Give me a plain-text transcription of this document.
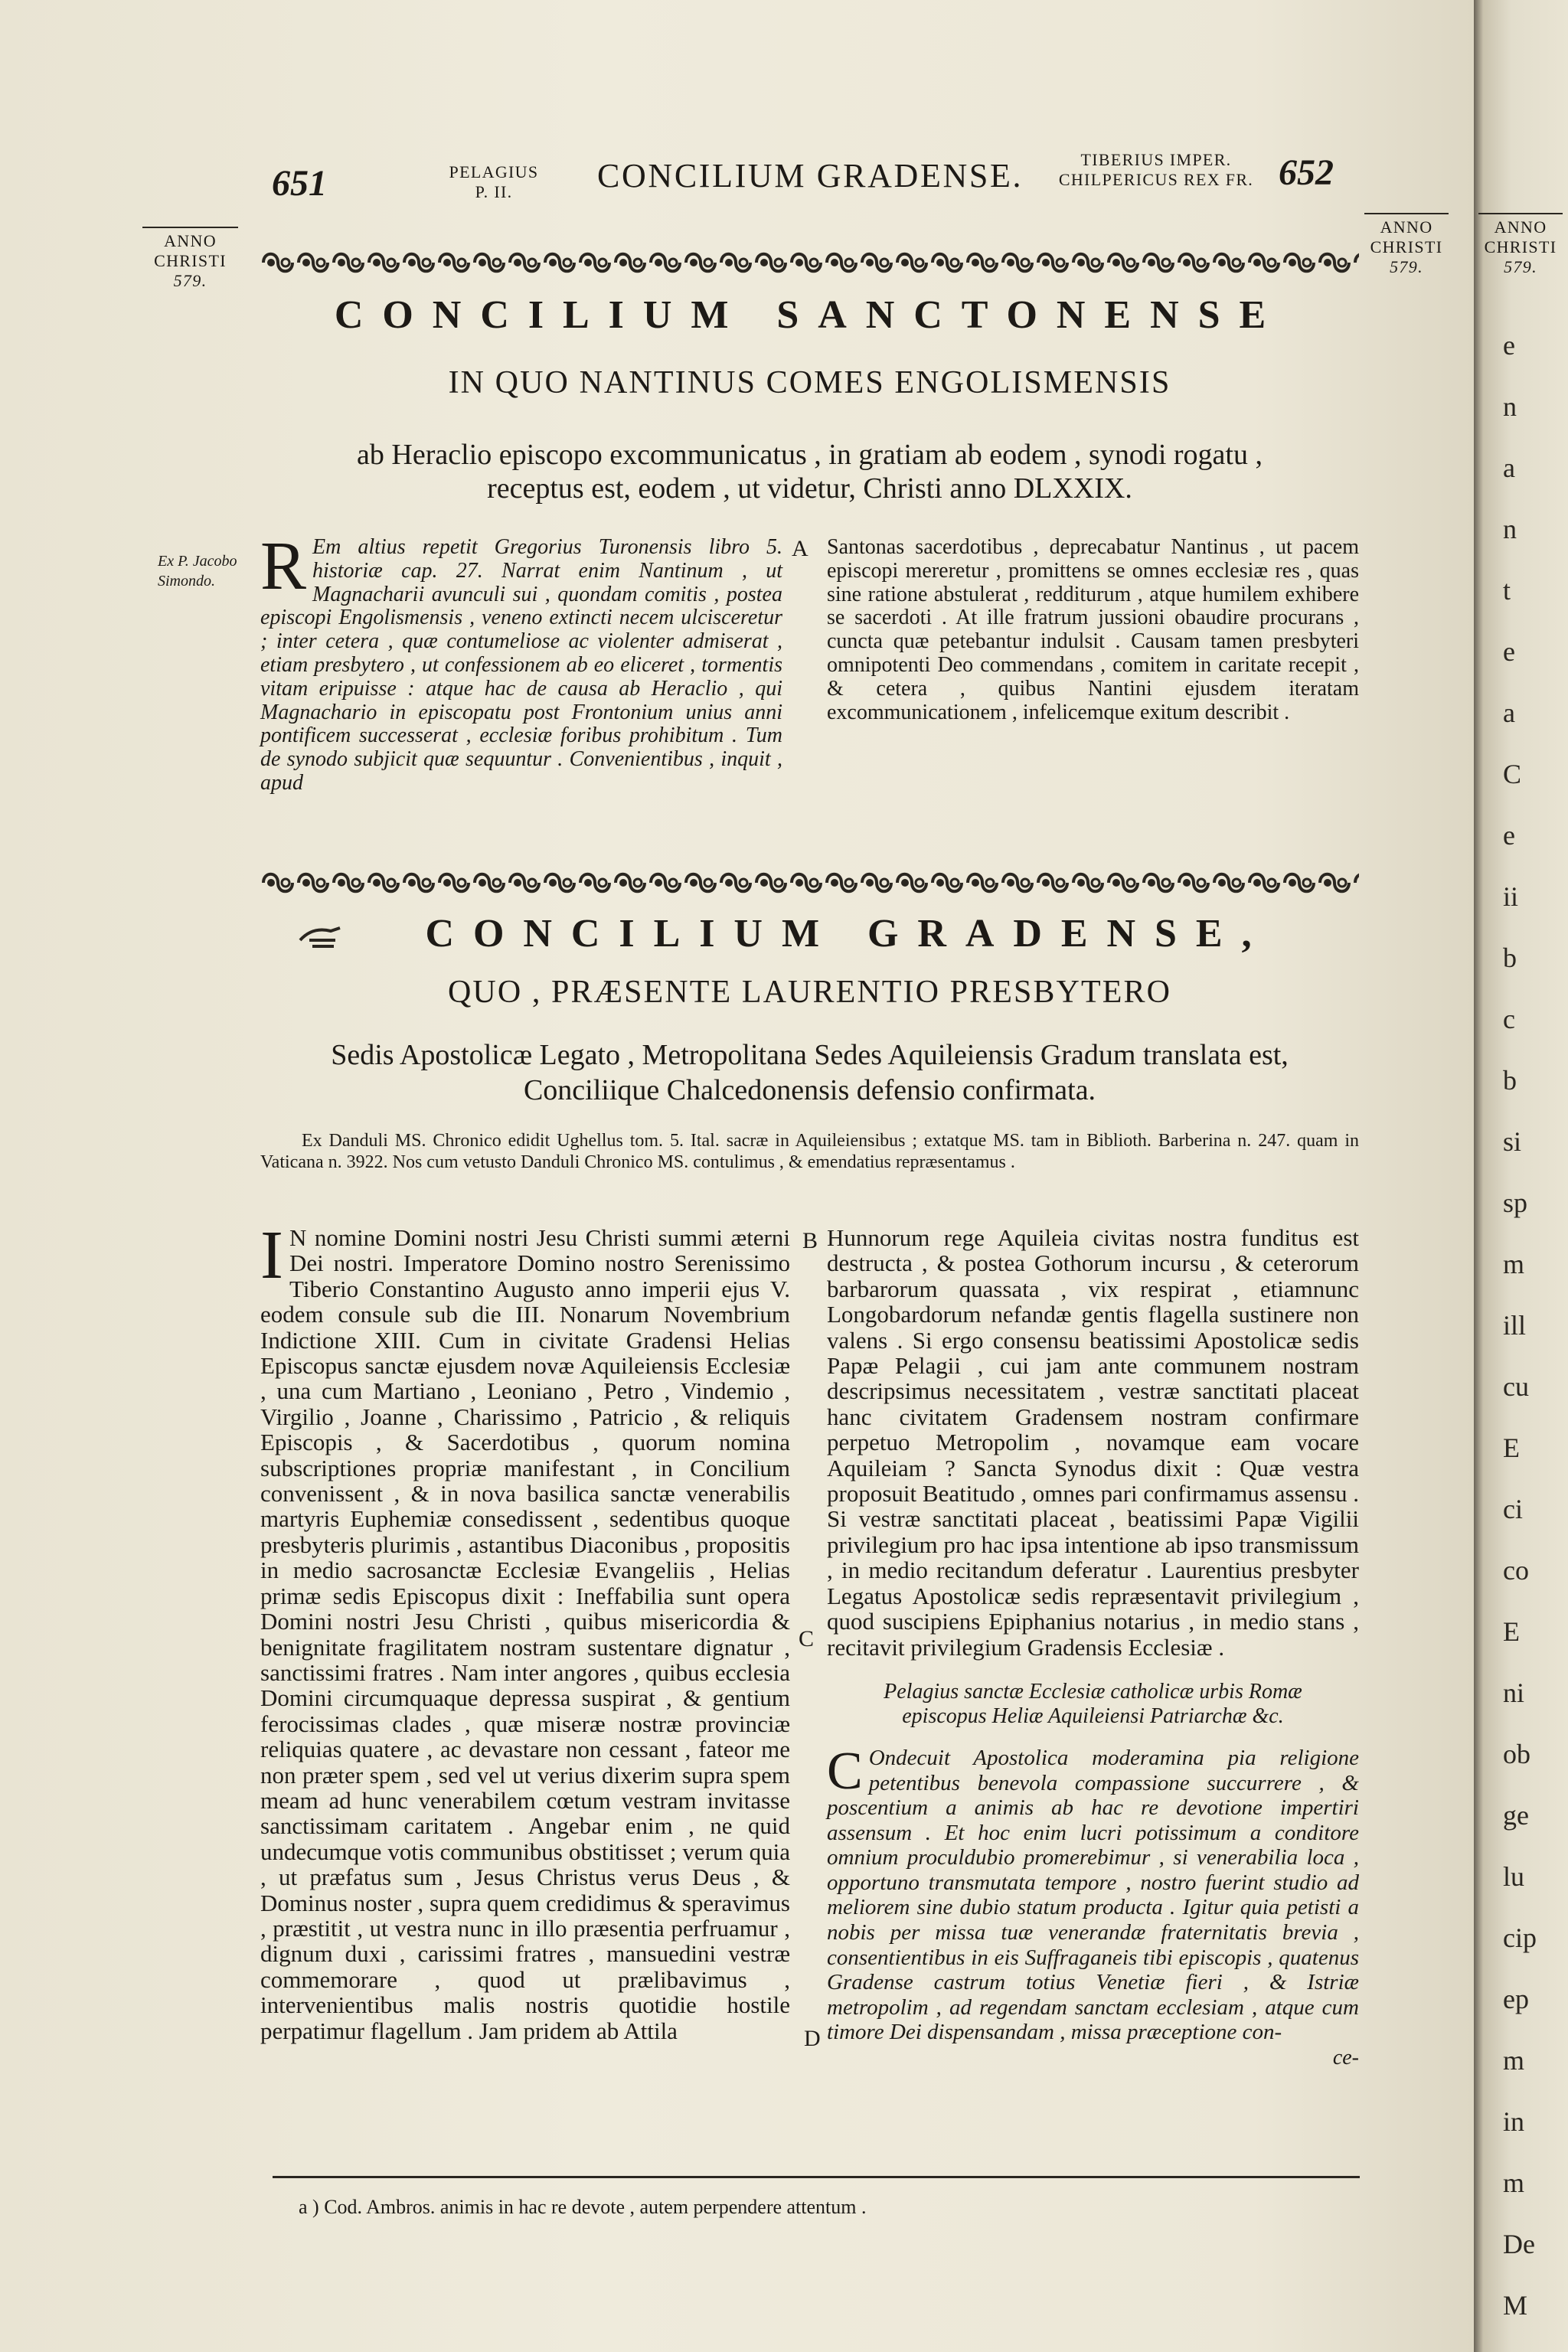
651	PELAGIUS
P. II.	CONCILIUM GRADENSE.	TIBERIUS IMPER.
CHILPERICUS REX FR. 652
ANNO
CHRISTI
579.
ANNO
CHRISTI
579.
CONCILIUM SANCTONENSE
IN QUO NANTINUS COMES ENGOLISMENSIS
ab Heraclio episcopo excommunicatus , in gratiam ab eodem , synodi rogatu ,
receptus est, eodem , ut videtur, Christi anno DLXXIX.
Ex P. Jacobo Simondo.
A
R Em altius repetit Gregorius Turonensis libro 5. historiæ cap. 27. Narrat enim Nantinum , ut Magnacharii avunculi sui , quondam comitis , postea episcopi Engolismensis , veneno extincti necem ulcisceretur ; inter cetera , quæ contumeliose ac violenter admiserat , etiam presbytero , ut confessionem ab eo eliceret , tormentis vitam eripuisse : atque hac de causa ab Heraclio , qui Magnachario in episcopatu post Frontonium unius anni pontificem successerat , ecclesiæ foribus prohibitum . Tum de synodo subjicit quæ sequuntur . Convenientibus , inquit , apud
Santonas sacerdotibus , deprecabatur Nantinus , ut pacem episcopi mereretur , promittens se omnes ecclesiæ res , quas sine ratione abstulerat , redditurum , atque humilem exhibere se sacerdoti . At ille fratrum jussioni obaudire procurans , cuncta quæ petebantur indulsit . Causam tamen presbyteri omnipotenti Deo commendans , comitem in caritate recepit , & cetera , quibus Nantini ejusdem iteratam excommunicationem , infelicemque exitum describit .
CONCILIUM GRADENSE,
QUO , PRÆSENTE LAURENTIO PRESBYTERO
Sedis Apostolicæ Legato , Metropolitana Sedes Aquileiensis Gradum translata est,
Conciliique Chalcedonensis defensio confirmata.
Ex Danduli MS. Chronico edidit Ughellus tom. 5. Ital. sacræ in Aquileiensibus ; extatque MS. tam in Biblioth. Barberina n. 247. quam in Vaticana n. 3922. Nos cum vetusto Danduli Chronico MS. contulimus , & emendatius repræsentamus .
B
C
D
I N nomine Domini nostri Jesu Christi summi æterni Dei nostri. Imperatore Domino nostro Serenissimo Tiberio Constantino Augusto anno imperii ejus V. eodem consule sub die III. Nonarum Novembrium Indictione XIII. Cum in civitate Gradensi Helias Episcopus sanctæ ejusdem novæ Aquileiensis Ecclesiæ , una cum Martiano , Leoniano , Petro , Vindemio , Virgilio , Joanne , Charissimo , Patricio , & reliquis Episcopis , & Sacerdotibus , quorum nomina subscriptiones propriæ manifestant , in Concilium convenissent , & in nova basilica sanctæ venerabilis martyris Euphemiæ consedissent , sedentibus quoque presbyteris plurimis , astantibus Diaconibus , propositis in medio sacrosanctæ Ecclesiæ Evangeliis , Helias primæ sedis Episcopus dixit : Ineffabilia sunt opera Domini nostri Jesu Christi , quibus misericordia & benignitate fragilitatem nostram sustentare dignatur , sanctissimi fratres . Nam inter angores , quibus ecclesia Domini circumquaque depressa suspirat , & gentium ferocissimas clades , quæ miseræ nostræ provinciæ reliquias quatere , ac devastare non cessant , fateor me non præter spem , sed vel ut verius dixerim supra spem meam ad hunc venerabilem cœtum vestram invitasse sanctissimam caritatem . Angebar enim , ne quid undecumque votis communibus obstitisset ; verum quia , ut præfatus sum , Jesus Christus verus Deus , & Dominus noster , supra quem credidimus & speravimus , præstitit , ut vestra nunc in illo præsentia perfruamur , dignum duxi , carissimi fratres , mansuedini vestræ commemorare , quod ut prælibavimus , intervenientibus malis nostris quotidie hostile perpatimur flagellum . Jam pridem ab Attila

Hunnorum rege Aquileia civitas nostra funditus est destructa , & postea Gothorum incursu , & ceterorum barbarorum quassata , vix respirat , etiamnunc Longobardorum nefandæ gentis flagella sustinere non valens . Si ergo consensu beatissimi Apostolicæ sedis Papæ Pelagii , cui jam ante communem nostram descripsimus necessitatem , vestræ sanctitati placeat hanc civitatem Gradensem nostram confirmare perpetuo Metropolim , novamque eam vocare Aquileiam ? Sancta Synodus dixit : Quæ vestra proposuit Beatitudo , omnes pari confirmamus assensu . Si vestræ sanctitati placeat , beatissimi Papæ Vigilii privilegium pro hac ipsa intentione ab ipso transmissum , in medio recitandum deferatur . Laurentius presbyter Legatus Apostolicæ sedis repræsentavit privilegium , quod suscipiens Epiphanius notarius , in medio stans , recitavit privilegium Gradensis Ecclesiæ .

Pelagius sanctæ Ecclesiæ catholicæ urbis Romæ episcopus Heliæ Aquileiensi Patriarchæ &c.

C Ondecuit Apostolica moderamina pia religione petentibus benevola compassione succurrere , & poscentium a animis ab hac re devotione impertiri assensum . Et hoc enim lucri potissimum a conditore omnium proculdubio promerebimur , si venerabilia loca , opportuno transmutata tempore , nostro fuerint studio ad meliorem sine dubio statum producta . Igitur quia petisti a nobis per missa tuæ venerandæ fraternitatis brevia , consentientibus in eis Suffraganeis tibi episcopis , quatenus Gradense castrum totius Venetiæ fieri , & Istriæ metropolim , ad regendam sanctam ecclesiam , atque cum timore Dei dispensandam , missa præceptione con-
ce-
a ) Cod. Ambros. animis in hac re devote , autem perpendere attentum .
ANNO
CHRISTI
579.
e
n
a
n
t
e
a
C
e
ii
b
c
b
si
sp
m
ill
cu
E
ci
co
E
ni
ob
ge
lu
cip
ep
m
in
m
De
M
